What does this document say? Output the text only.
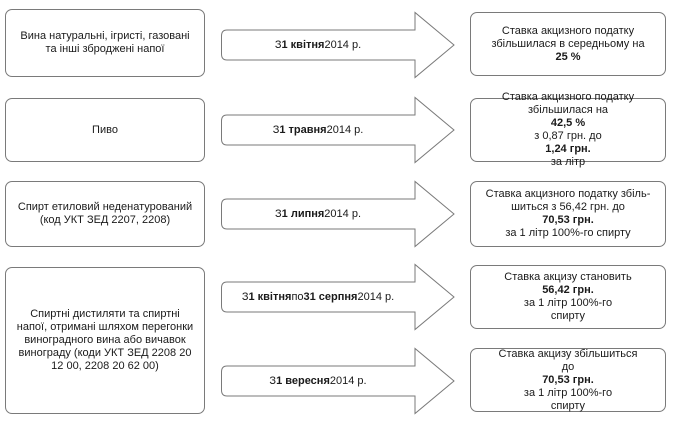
Вина натуральні, ігристі, газовані
та інші зброджені напої	З 1 квітня 2014 р.
Ставка акцизного податку
збільшилася в середньому на
25 %
Пиво	З 1 травня 2014 р.
Ставка акцизного податку
збільшилася на
42,5 %
з 0,87 грн. до
1,24 грн.
за літр
Спирт етиловий неденатурований
(код УКТ ЗЕД 2207, 2208)	З 1 липня 2014 р.
Ставка акцизного податку збіль-
шиться з 56,42 грн. до
70,53 грн.
за 1 літр 100%-го спирту
Спиртні дистиляти та спиртні
напої, отримані шляхом перегонки
виноградного вина або вичавок
винограду (коди УКТ ЗЕД 2208 20
12 00, 2208 20 62 00)
З 1 квітня по 31 серпня 2014 р.
Ставка акцизу становить
56,42 грн.
за 1 літр 100%-го
спирту
З 1 вересня 2014 р.
Ставка акцизу збільшиться
до
70,53 грн.
за 1 літр 100%-го
спирту
